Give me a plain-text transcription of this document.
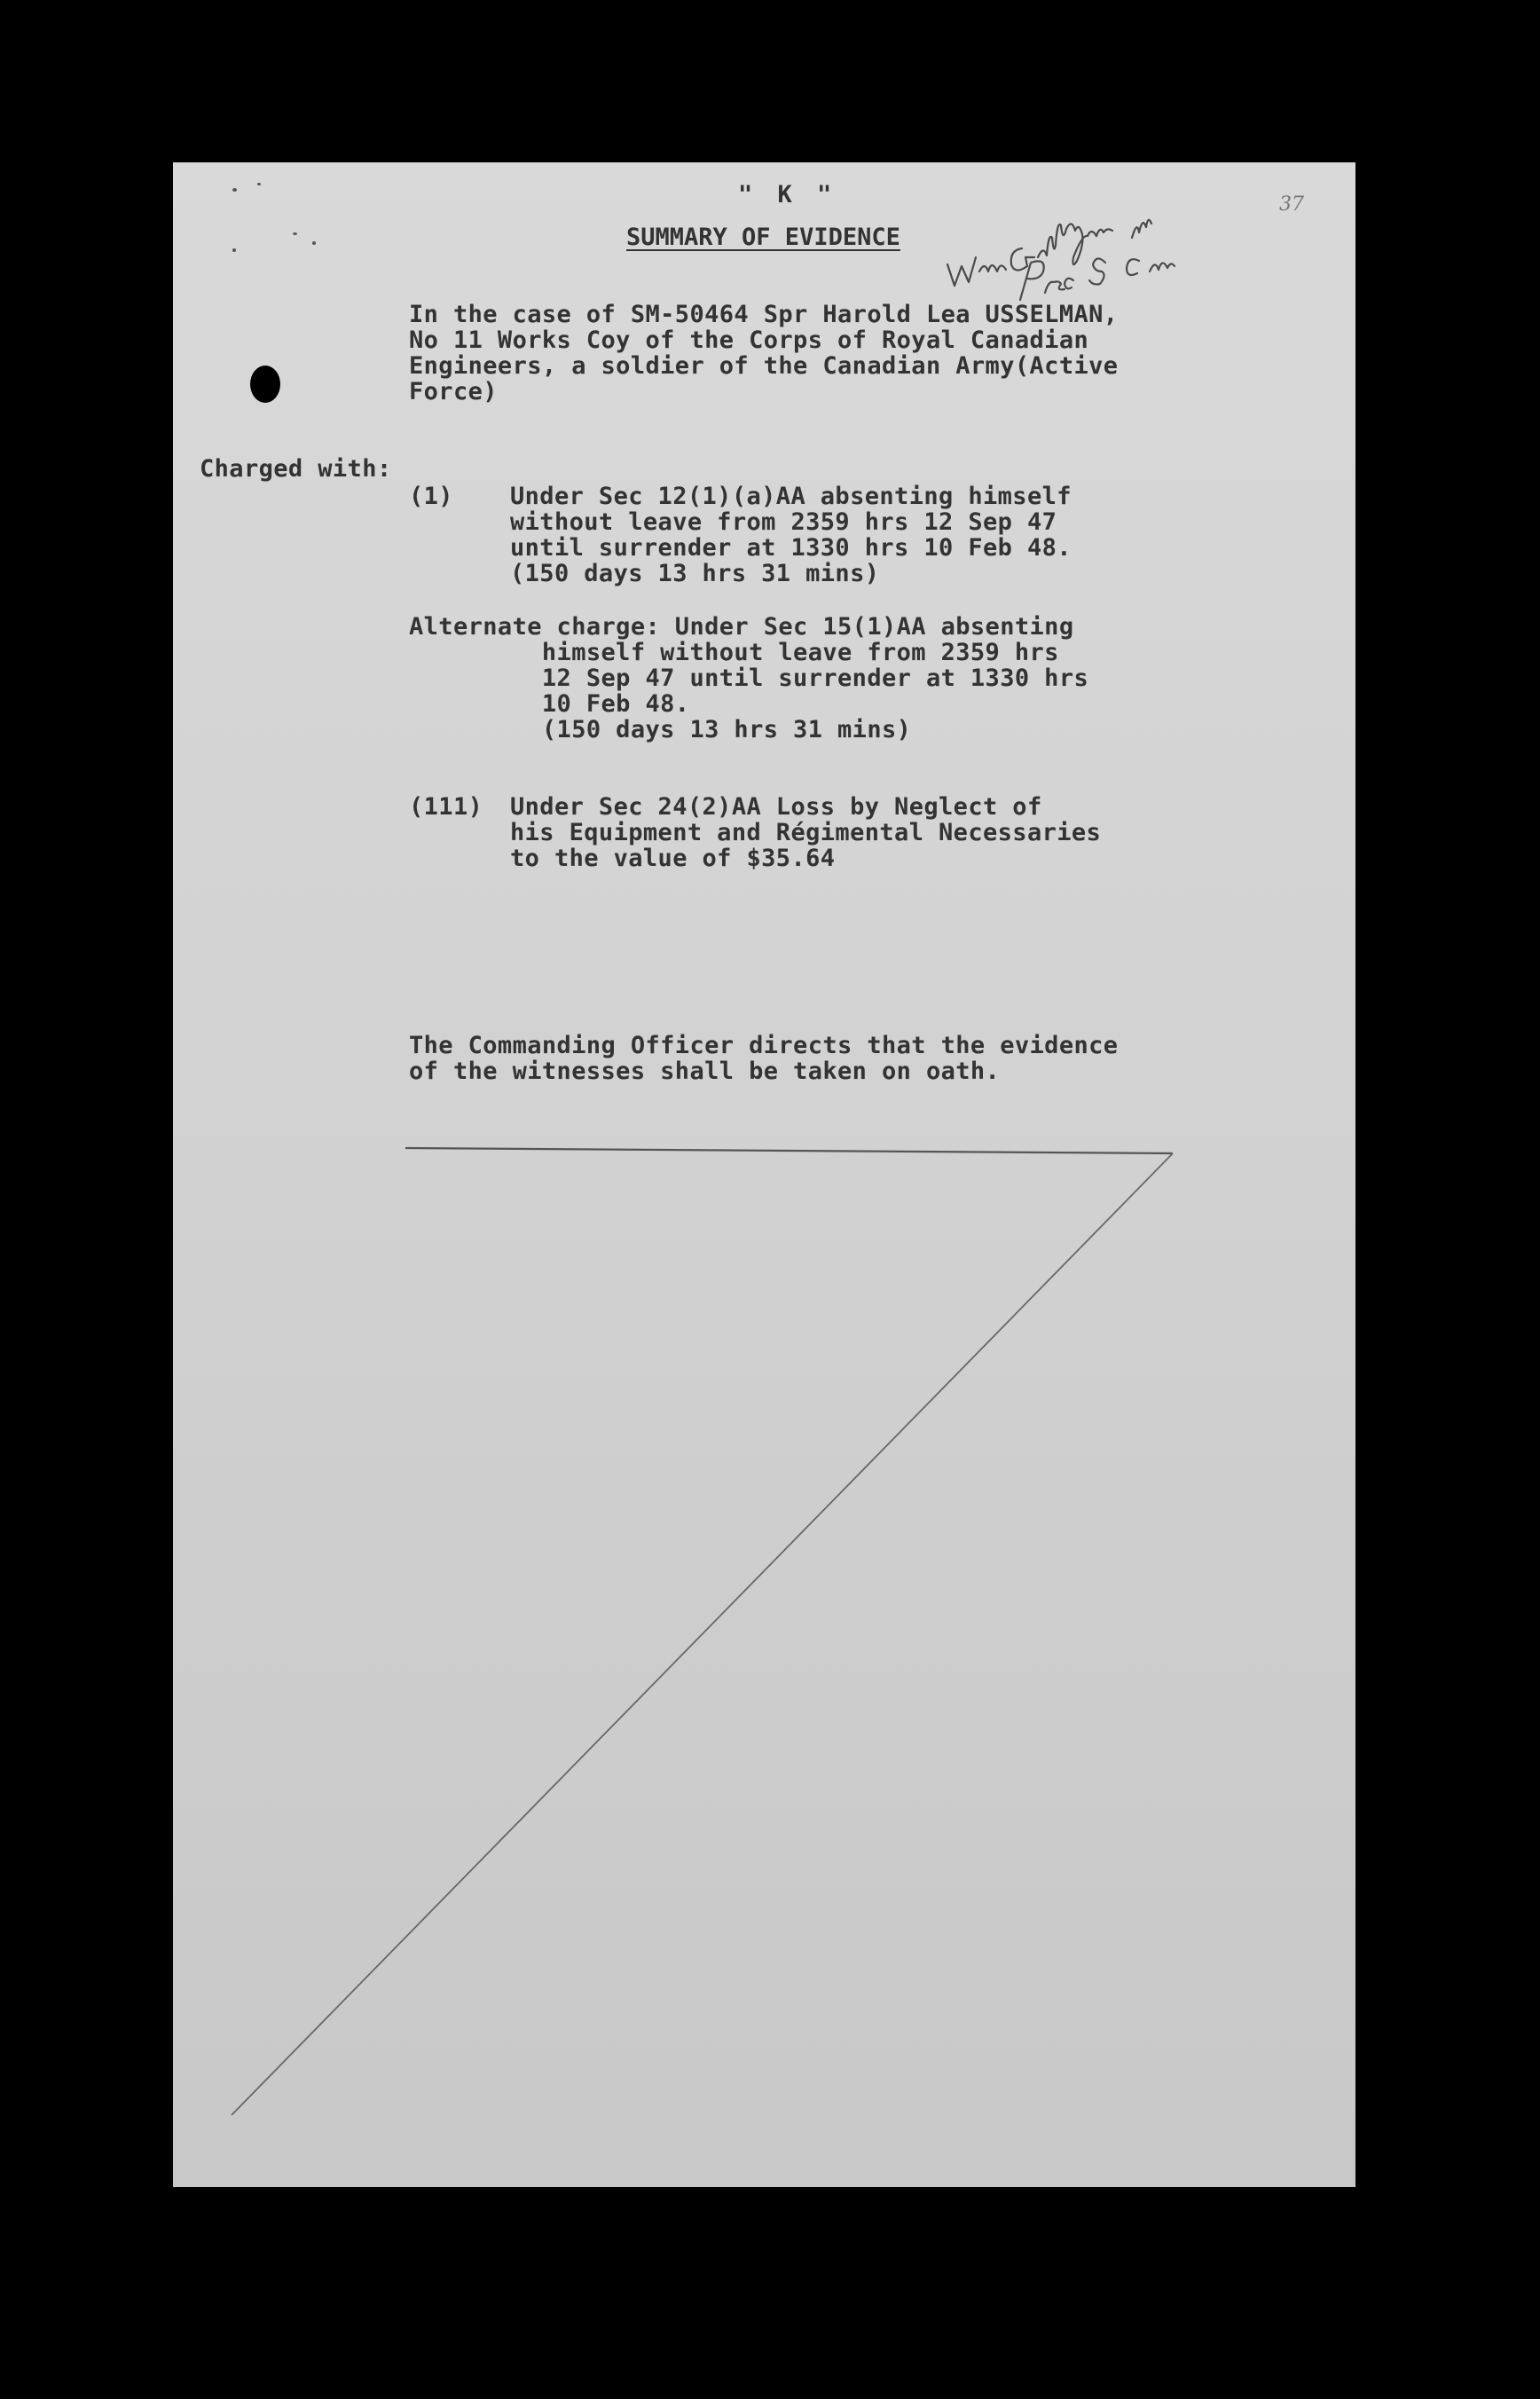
" K "
SUMMARY OF EVIDENCE
37
In the case of SM-50464 Spr Harold Lea USSELMAN,
No 11 Works Coy of the Corps of Royal Canadian
Engineers, a soldier of the Canadian Army(Active
Force)
Charged with:
(1) Under Sec 12(1)(a)AA absenting himself
without leave from 2359 hrs 12 Sep 47
until surrender at 1330 hrs 10 Feb 48.
(150 days 13 hrs 31 mins)
Alternate charge: Under Sec 15(1)AA absenting
himself without leave from 2359 hrs
12 Sep 47 until surrender at 1330 hrs
10 Feb 48.
(150 days 13 hrs 31 mins)
(111) Under Sec 24(2)AA Loss by Neglect of
his Equipment and Régimental Necessaries
to the value of $35.64
The Commanding Officer directs that the evidence
of the witnesses shall be taken on oath.
